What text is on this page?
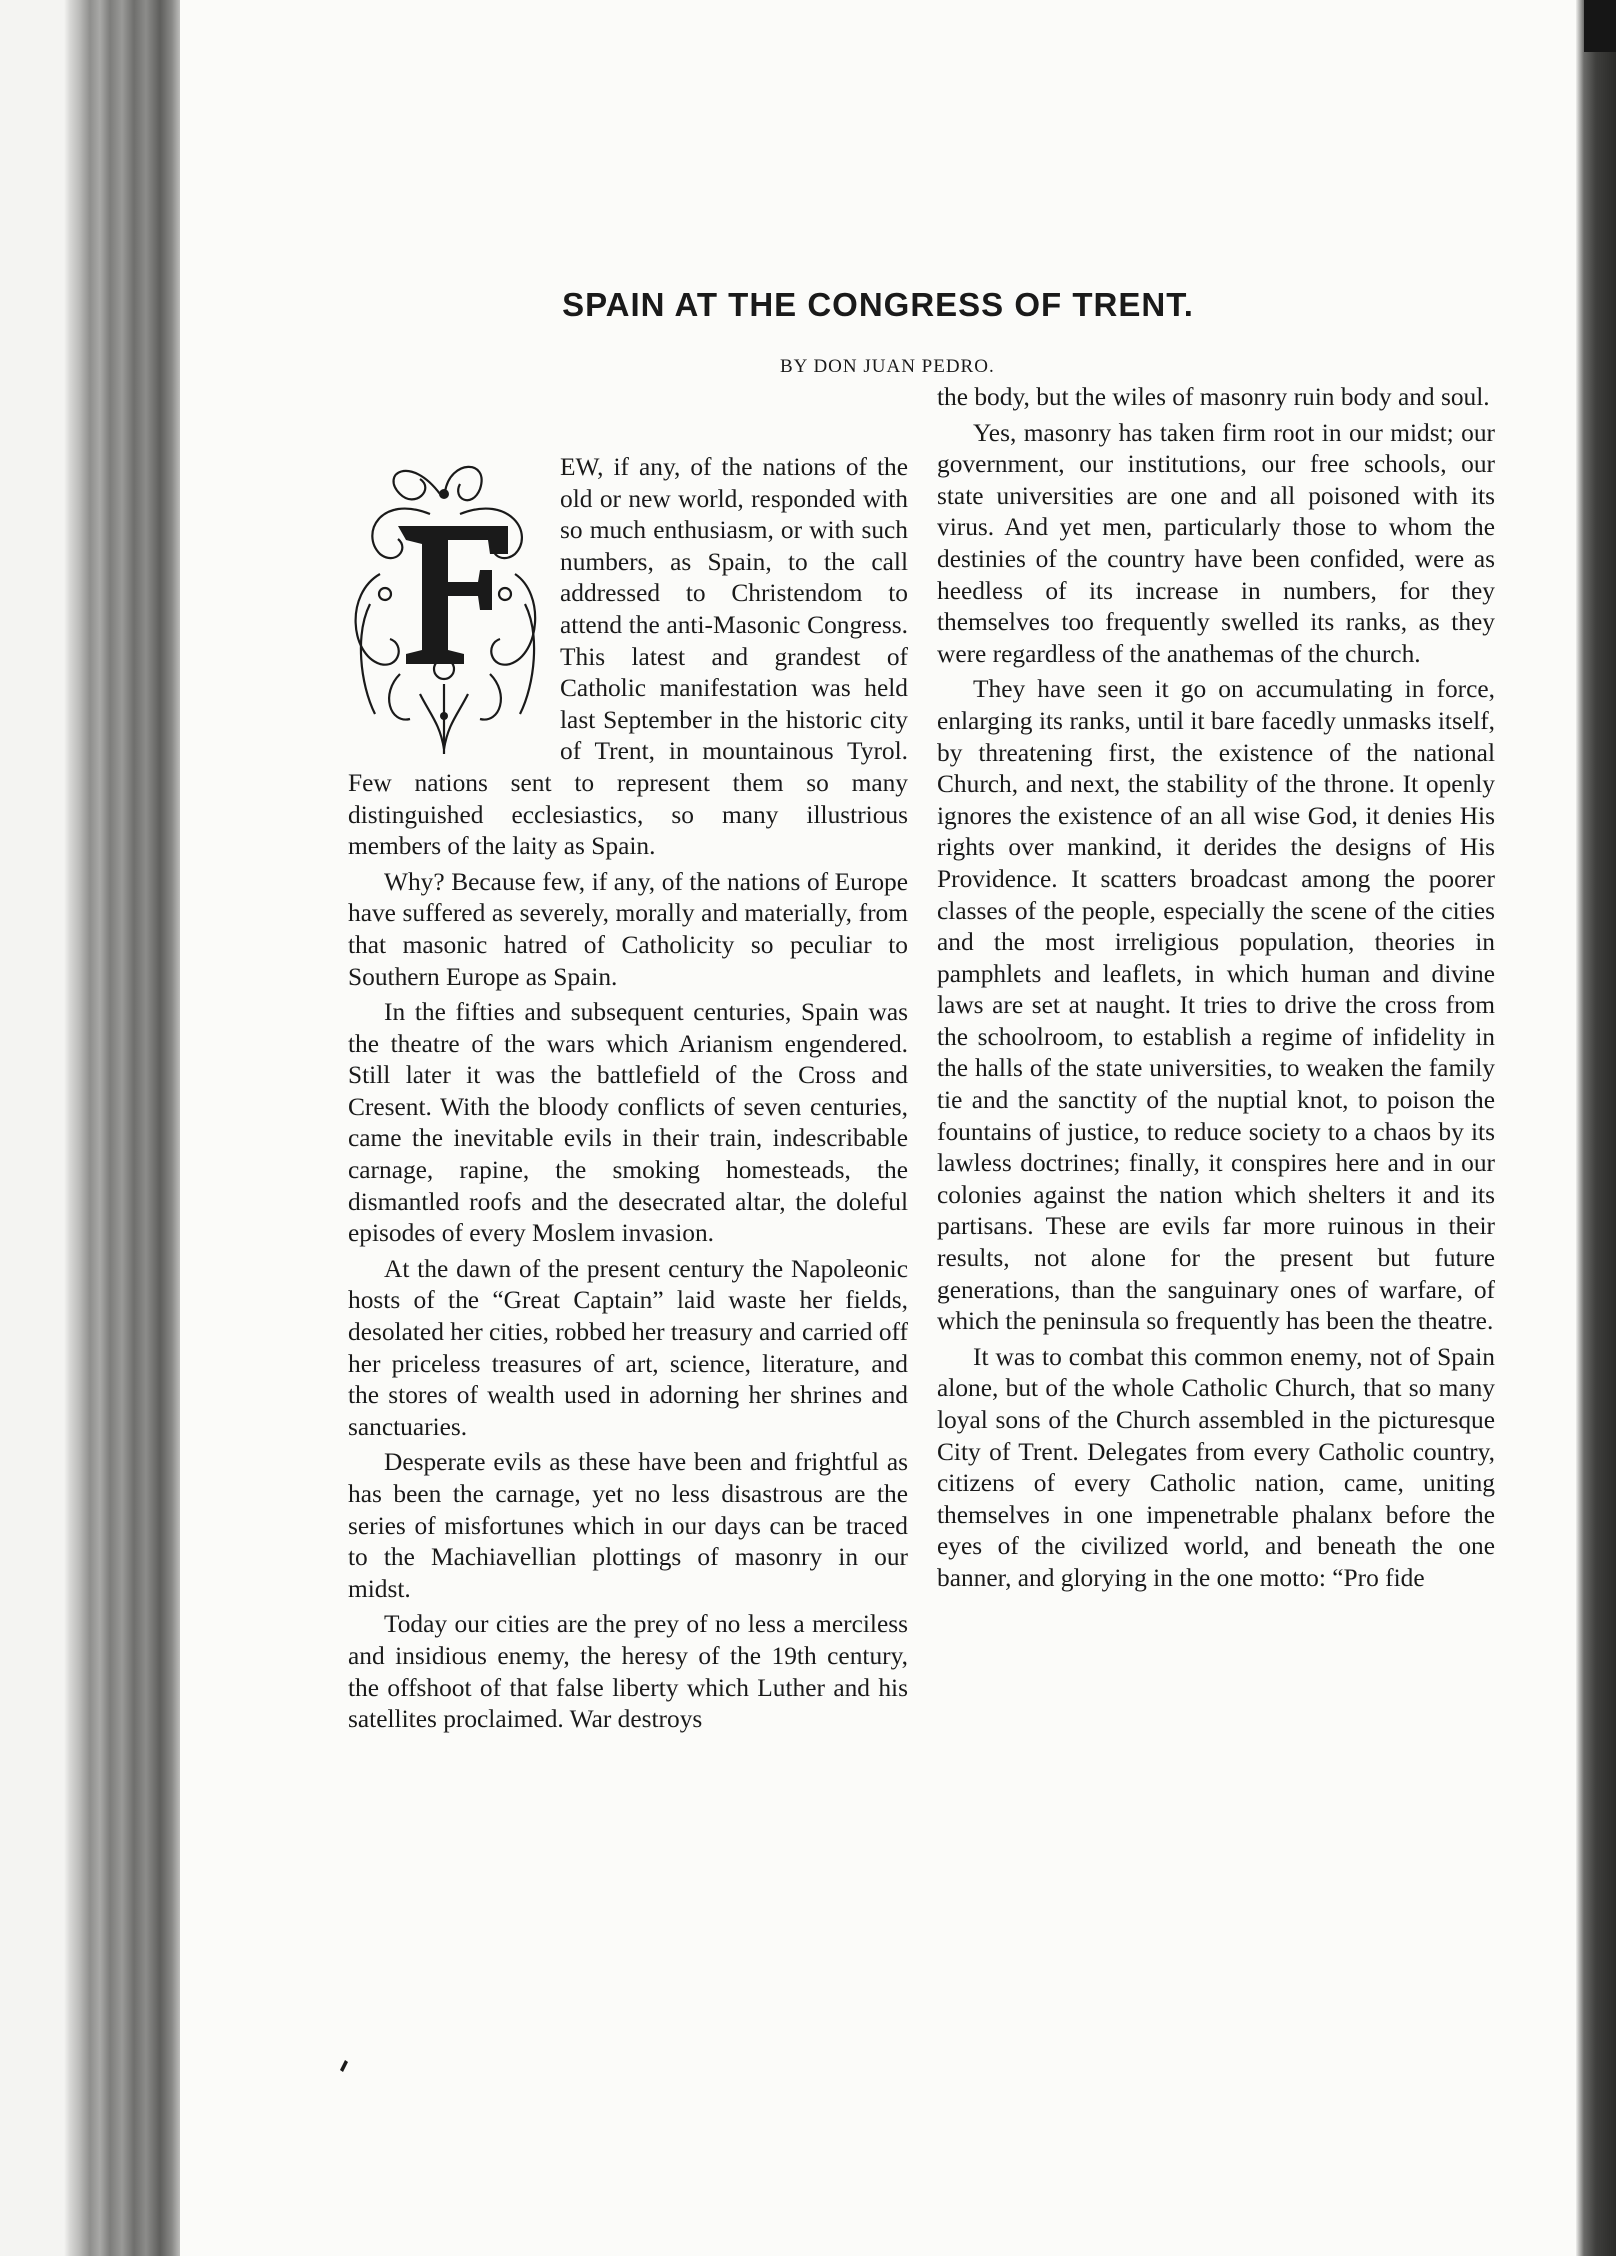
SPAIN AT THE CONGRESS OF TRENT.
BY DON JUAN PEDRO.

EW, if any, of the nations of the old or new world, responded with so much enthusiasm, or with such numbers, as Spain, to the call addressed to Christendom to attend the anti-Masonic Congress. This latest and grandest of Catholic manifestation was held last September in the historic city of Trent, in mountainous Tyrol. Few nations sent to represent them so many distinguished ecclesiastics, so many illustrious members of the laity as Spain.

Why? Because few, if any, of the nations of Europe have suffered as severely, morally and materially, from that masonic hatred of Catholicity so peculiar to Southern Europe as Spain.

In the fifties and subsequent centuries, Spain was the theatre of the wars which Arianism engendered. Still later it was the battlefield of the Cross and Cresent. With the bloody conflicts of seven centuries, came the inevitable evils in their train, indescribable carnage, rapine, the smoking homesteads, the dismantled roofs and the desecrated altar, the doleful episodes of every Moslem invasion.

At the dawn of the present century the Napoleonic hosts of the “Great Captain” laid waste her fields, desolated her cities, robbed her treasury and carried off her priceless treasures of art, science, literature, and the stores of wealth used in adorning her shrines and sanctuaries.

Desperate evils as these have been and frightful as has been the carnage, yet no less disastrous are the series of misfortunes which in our days can be traced to the Machiavellian plottings of masonry in our midst.

Today our cities are the prey of no less a merciless and insidious enemy, the heresy of the 19th century, the offshoot of that false liberty which Luther and his satellites proclaimed. War destroys

the body, but the wiles of masonry ruin body and soul.

Yes, masonry has taken firm root in our midst; our government, our institutions, our free schools, our state universities are one and all poisoned with its virus. And yet men, particularly those to whom the destinies of the country have been confided, were as heedless of its increase in numbers, for they themselves too frequently swelled its ranks, as they were regardless of the anathemas of the church.

They have seen it go on accumulating in force, enlarging its ranks, until it bare facedly unmasks itself, by threatening first, the existence of the national Church, and next, the stability of the throne. It openly ignores the existence of an all wise God, it denies His rights over mankind, it derides the designs of His Providence. It scatters broadcast among the poorer classes of the people, especially the scene of the cities and the most irreligious population, theories in pamphlets and leaflets, in which human and divine laws are set at naught. It tries to drive the cross from the schoolroom, to establish a regime of infidelity in the halls of the state universities, to weaken the family tie and the sanctity of the nuptial knot, to poison the fountains of justice, to reduce society to a chaos by its lawless doctrines; finally, it conspires here and in our colonies against the nation which shelters it and its partisans. These are evils far more ruinous in their results, not alone for the present but future generations, than the sanguinary ones of warfare, of which the peninsula so frequently has been the theatre.

It was to combat this common enemy, not of Spain alone, but of the whole Catholic Church, that so many loyal sons of the Church assembled in the picturesque City of Trent. Delegates from every Catholic country, citizens of every Catholic nation, came, uniting themselves in one impenetrable phalanx before the eyes of the civilized world, and beneath the one banner, and glorying in the one motto: “Pro fide
